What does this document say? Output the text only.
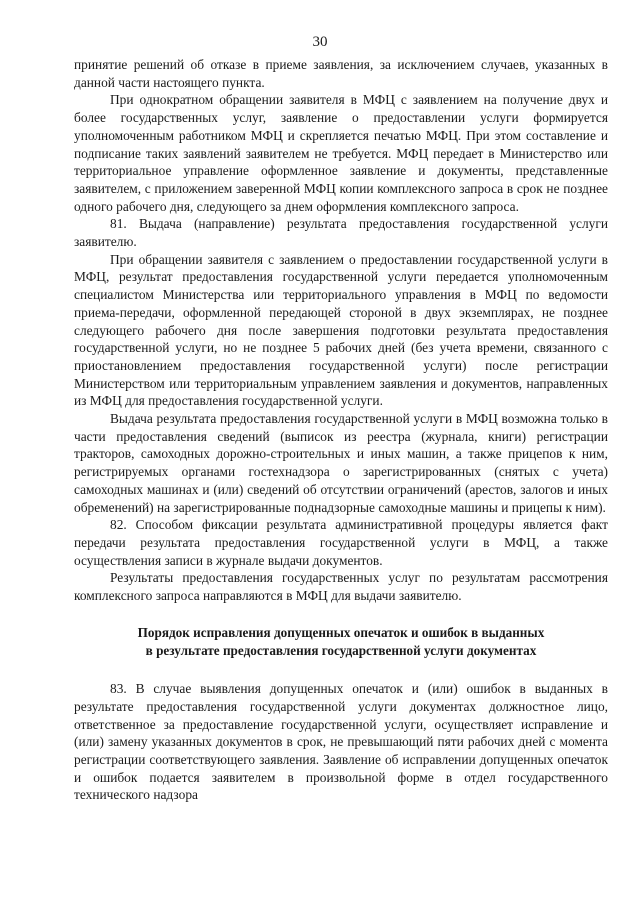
30

принятие решений об отказе в приеме заявления, за исключением случаев, указанных в данной части настоящего пункта.

При однократном обращении заявителя в МФЦ с заявлением на получение двух и более государственных услуг, заявление о предоставлении услуги формируется уполномоченным работником МФЦ и скрепляется печатью МФЦ. При этом составление и подписание таких заявлений заявителем не требуется. МФЦ передает в Министерство или территориальное управление оформленное заявление и документы, представленные заявителем, с приложением заверенной МФЦ копии комплексного запроса в срок не позднее одного рабочего дня, следующего за днем оформления комплексного запроса.

81. Выдача (направление) результата предоставления государственной услуги заявителю.

При обращении заявителя с заявлением о предоставлении государственной услуги в МФЦ, результат предоставления государственной услуги передается уполномоченным специалистом Министерства или территориального управления в МФЦ по ведомости приема-передачи, оформленной передающей стороной в двух экземплярах, не позднее следующего рабочего дня после завершения подготовки результата предоставления государственной услуги, но не позднее 5 рабочих дней (без учета времени, связанного с приостановлением предоставления государственной услуги) после регистрации Министерством или территориальным управлением заявления и документов, направленных из МФЦ для предоставления государственной услуги.

Выдача результата предоставления государственной услуги в МФЦ возможна только в части предоставления сведений (выписок из реестра (журнала, книги) регистрации тракторов, самоходных дорожно-строительных и иных машин, а также прицепов к ним, регистрируемых органами гостехнадзора о зарегистрированных (снятых с учета) самоходных машинах и (или) сведений об отсутствии ограничений (арестов, залогов и иных обременений) на зарегистрированные поднадзорные самоходные машины и прицепы к ним).

82. Способом фиксации результата административной процедуры является факт передачи результата предоставления государственной услуги в МФЦ, а также осуществления записи в журнале выдачи документов.

Результаты предоставления государственных услуг по результатам рассмотрения комплексного запроса направляются в МФЦ для выдачи заявителю.

Порядок исправления допущенных опечаток и ошибок в выданных
в результате предоставления государственной услуги документах

83. В случае выявления допущенных опечаток и (или) ошибок в выданных в результате предоставления государственной услуги документах должностное лицо, ответственное за предоставление государственной услуги, осуществляет исправление и (или) замену указанных документов в срок, не превышающий пяти рабочих дней с момента регистрации соответствующего заявления. Заявление об исправлении допущенных опечаток и ошибок подается заявителем в произвольной форме в отдел государственного технического надзора
